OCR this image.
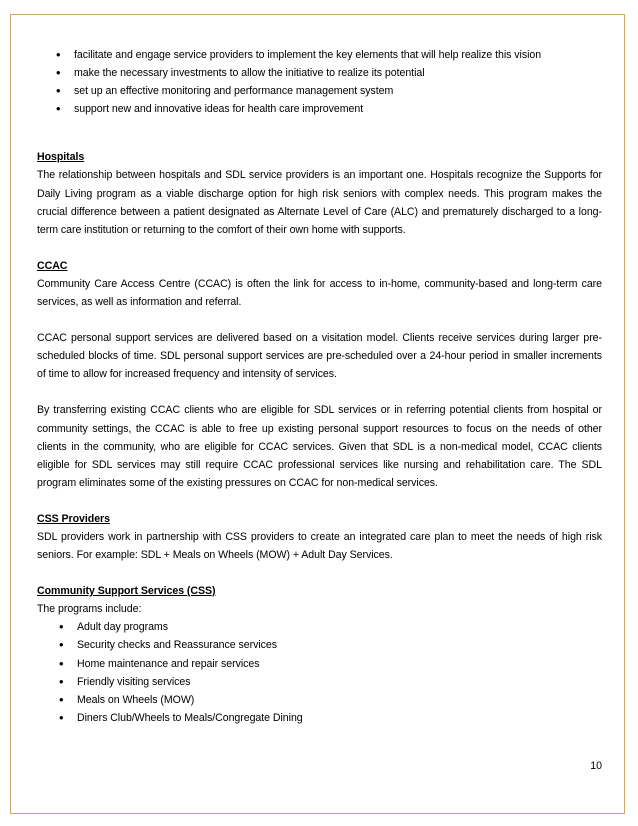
• facilitate and engage service providers to implement the key elements that will help realize this vision
• make the necessary investments to allow the initiative to realize its potential
• set up an effective monitoring and performance management system
• support new and innovative ideas for health care improvement
Hospitals

The relationship between hospitals and SDL service providers is an important one. Hospitals recognize the Supports for Daily Living program as a viable discharge option for high risk seniors with complex needs. This program makes the crucial difference between a patient designated as Alternate Level of Care (ALC) and prematurely discharged to a long-term care institution or returning to the comfort of their own home with supports.

CCAC

Community Care Access Centre (CCAC) is often the link for access to in-home, community-based and long-term care services, as well as information and referral.

CCAC personal support services are delivered based on a visitation model. Clients receive services during larger pre-scheduled blocks of time. SDL personal support services are pre-scheduled over a 24-hour period in smaller increments of time to allow for increased frequency and intensity of services.

By transferring existing CCAC clients who are eligible for SDL services or in referring potential clients from hospital or community settings, the CCAC is able to free up existing personal support resources to focus on the needs of other clients in the community, who are eligible for CCAC services. Given that SDL is a non-medical model, CCAC clients eligible for SDL services may still require CCAC professional services like nursing and rehabilitation care. The SDL program eliminates some of the existing pressures on CCAC for non-medical services.

CSS Providers

SDL providers work in partnership with CSS providers to create an integrated care plan to meet the needs of high risk seniors. For example: SDL + Meals on Wheels (MOW) + Adult Day Services.

Community Support Services (CSS)

The programs include:

• Adult day programs
• Security checks and Reassurance services
• Home maintenance and repair services
• Friendly visiting services
• Meals on Wheels (MOW)
• Diners Club/Wheels to Meals/Congregate Dining
10
